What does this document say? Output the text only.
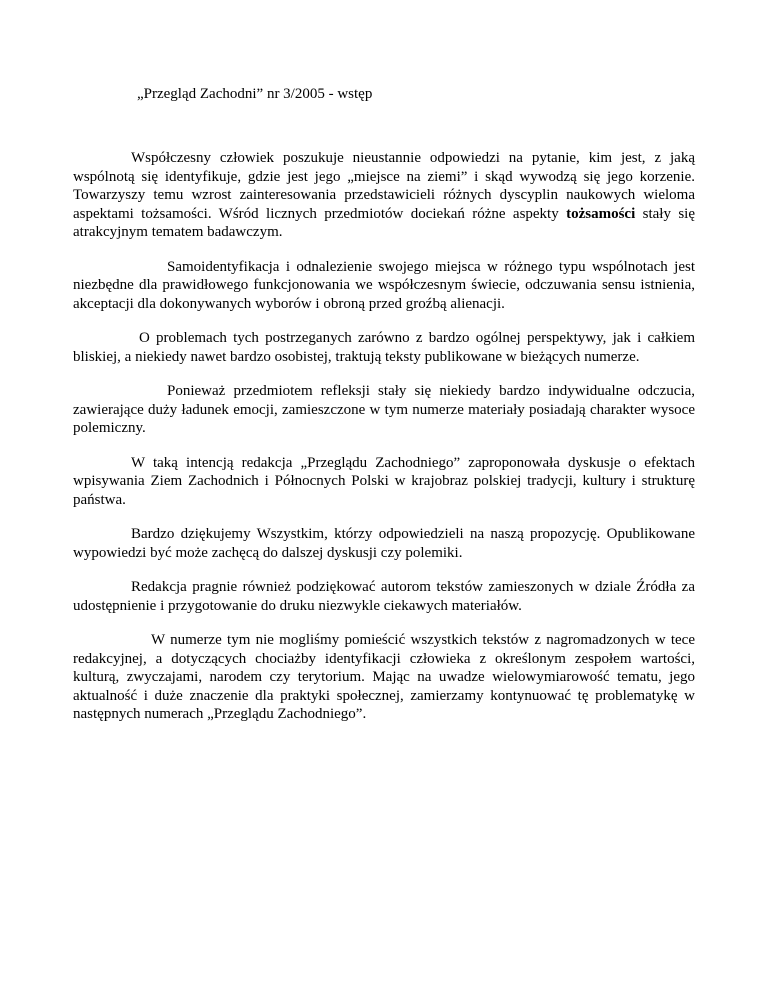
„Przegląd Zachodni” nr 3/2005 - wstęp

Współczesny człowiek poszukuje nieustannie odpowiedzi na pytanie, kim jest, z jaką wspólnotą się identyfikuje, gdzie jest jego „miejsce na ziemi” i skąd wywodzą się jego korzenie. Towarzyszy temu wzrost zainteresowania przedstawicieli różnych dyscyplin naukowych wieloma aspektami tożsamości. Wśród licznych przedmiotów dociekań różne aspekty tożsamości stały się atrakcyjnym tematem badawczym.

Samoidentyfikacja i odnalezienie swojego miejsca w różnego typu wspólnotach jest niezbędne dla prawidłowego funkcjonowania we współczesnym świecie, odczuwania sensu istnienia, akceptacji dla dokonywanych wyborów i obroną przed groźbą alienacji.

O problemach tych postrzeganych zarówno z bardzo ogólnej perspektywy, jak i całkiem bliskiej, a niekiedy nawet bardzo osobistej, traktują teksty publikowane w bieżących numerze.

Ponieważ przedmiotem refleksji stały się niekiedy bardzo indywidualne odczucia, zawierające duży ładunek emocji, zamieszczone w tym numerze materiały posiadają charakter wysoce polemiczny.

W taką intencją redakcja „Przeglądu Zachodniego” zaproponowała dyskusje o efektach wpisywania Ziem Zachodnich i Północnych Polski w krajobraz polskiej tradycji, kultury i strukturę państwa.

Bardzo dziękujemy Wszystkim, którzy odpowiedzieli na naszą propozycję. Opublikowane wypowiedzi być może zachęcą do dalszej dyskusji czy polemiki.

Redakcja pragnie również podziękować autorom tekstów zamieszonych w dziale Źródła za udostępnienie i przygotowanie do druku niezwykle ciekawych materiałów.

W numerze tym nie mogliśmy pomieścić wszystkich tekstów z nagromadzonych w tece redakcyjnej, a dotyczących chociażby identyfikacji człowieka z określonym zespołem wartości, kulturą, zwyczajami, narodem czy terytorium. Mając na uwadze wielowymiarowość tematu, jego aktualność i duże znaczenie dla praktyki społecznej, zamierzamy kontynuować tę problematykę w następnych numerach „Przeglądu Zachodniego”.
